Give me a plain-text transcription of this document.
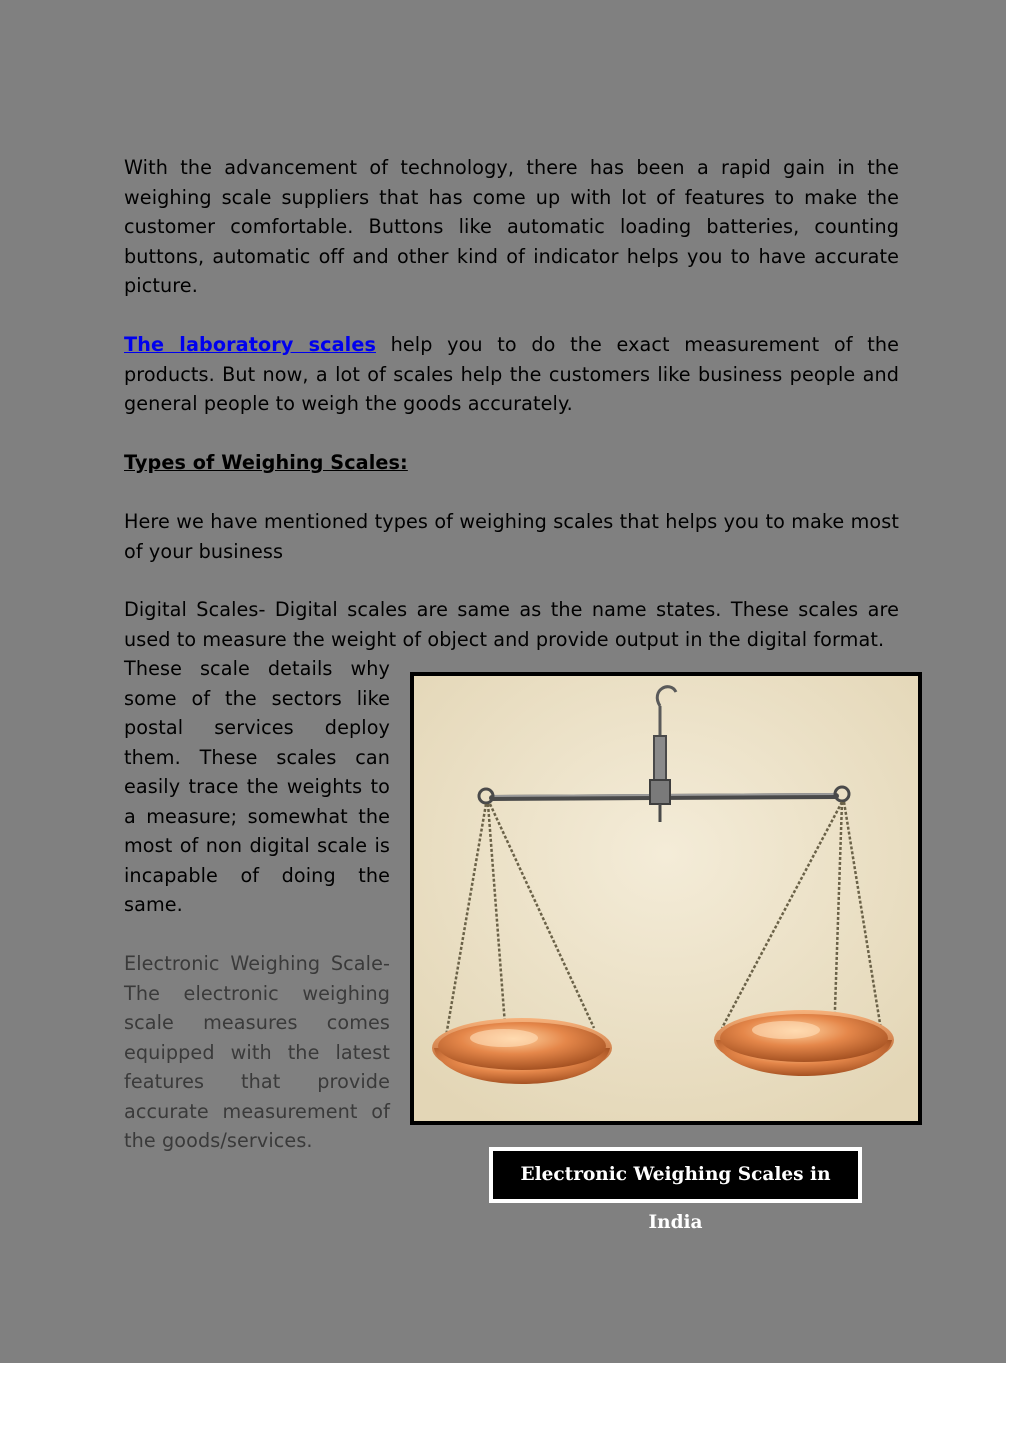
With the advancement of technology, there has been a rapid gain in the weighing scale suppliers that has come up with lot of features to make the customer comfortable. Buttons like automatic loading batteries, counting buttons, automatic off and other kind of indicator helps you to have accurate picture.

The laboratory scales help you to do the exact measurement of the products. But now, a lot of scales help the customers like business people and general people to weigh the goods accurately.

Types of Weighing Scales:

Here we have mentioned types of weighing scales that helps you to make most of your business

Digital Scales- Digital scales are same as the name states. These scales are used to measure the weight of object and provide output in the digital format.

These scale details why some of the sectors like postal services deploy them. These scales can easily trace the weights to a measure; somewhat the most of non digital scale is incapable of doing the same.

Electronic Weighing Scale- The electronic weighing scale measures comes equipped with the latest features that provide accurate measurement of the goods/services.

Electronic Weighing Scales in India
